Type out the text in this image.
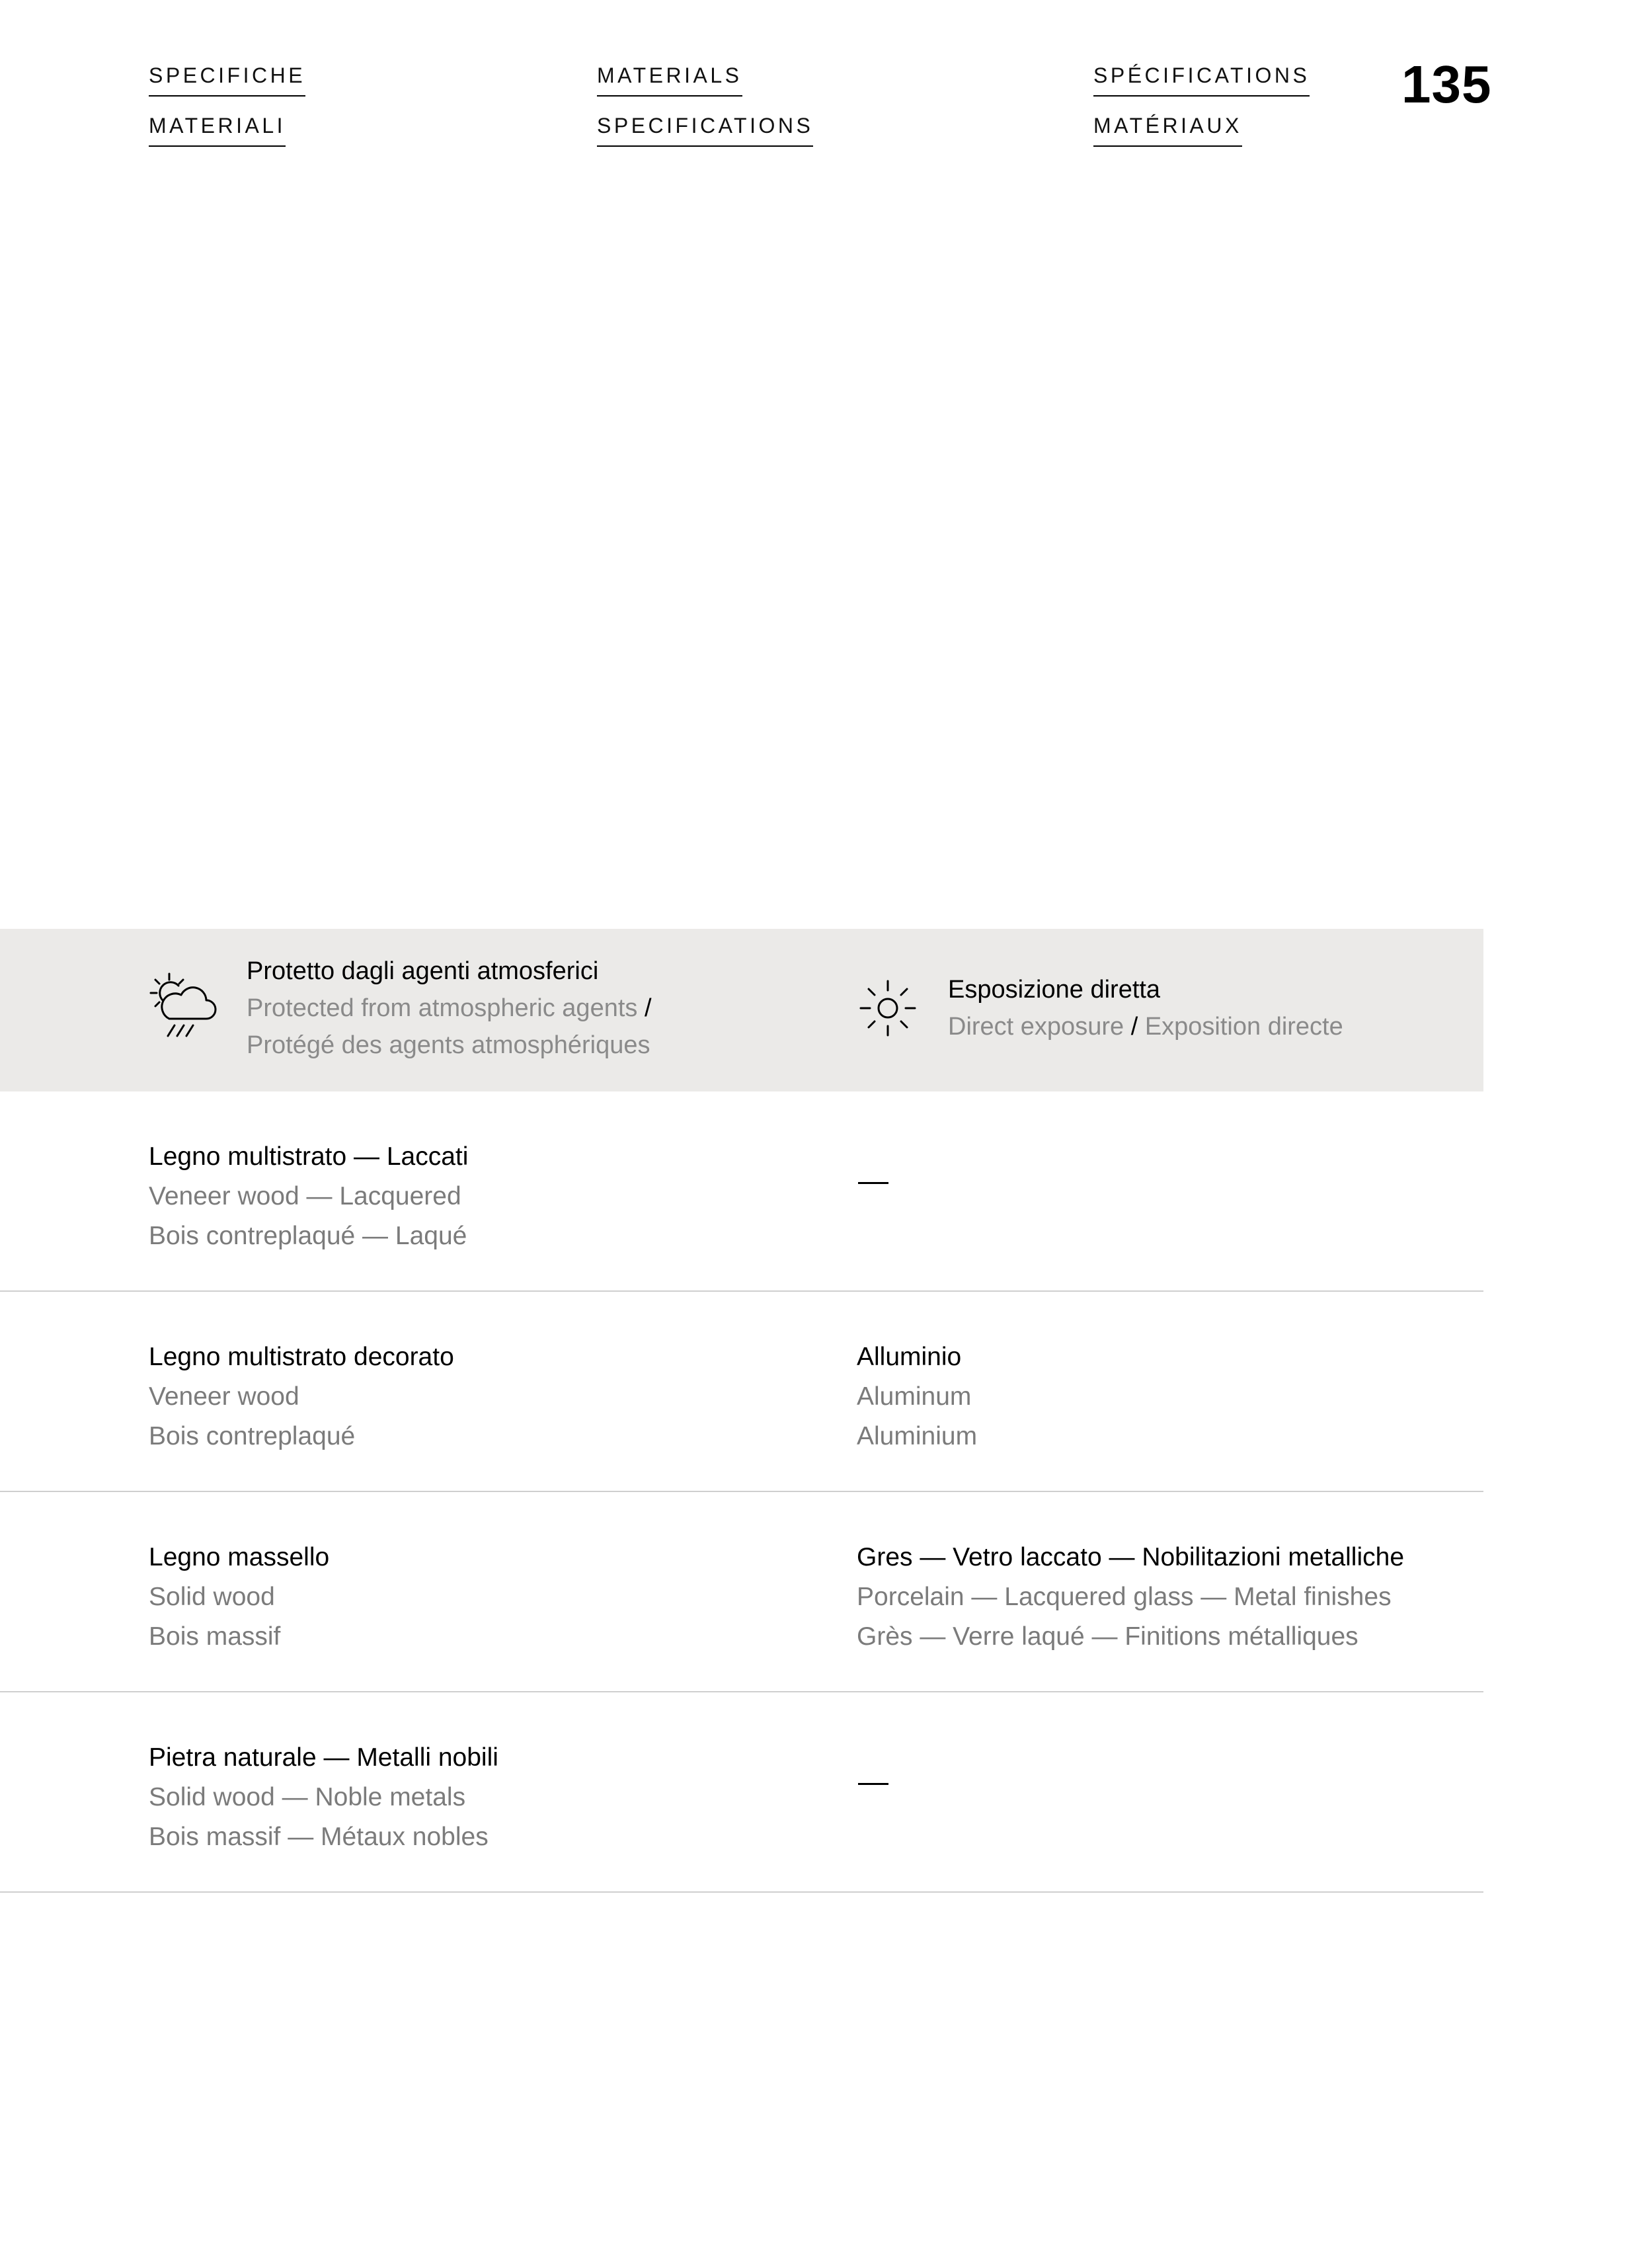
SPECIFICHE
MATERIALI
MATERIALS
SPECIFICATIONS
SPÉCIFICATIONS
MATÉRIAUX
135
Protetto dagli agenti atmosferici
Protected from atmospheric agents /
Protégé des agents atmosphériques
Esposizione diretta
Direct exposure / Exposition directe
Legno multistrato — Laccati
Veneer wood — Lacquered
Bois contreplaqué — Laqué
Legno multistrato decorato
Veneer wood
Bois contreplaqué
Alluminio
Aluminum
Aluminium
Legno massello
Solid wood
Bois massif
Gres — Vetro laccato — Nobilitazioni metalliche
Porcelain — Lacquered glass — Metal finishes
Grès — Verre laqué — Finitions métalliques
Pietra naturale — Metalli nobili
Solid wood — Noble metals
Bois massif — Métaux nobles
